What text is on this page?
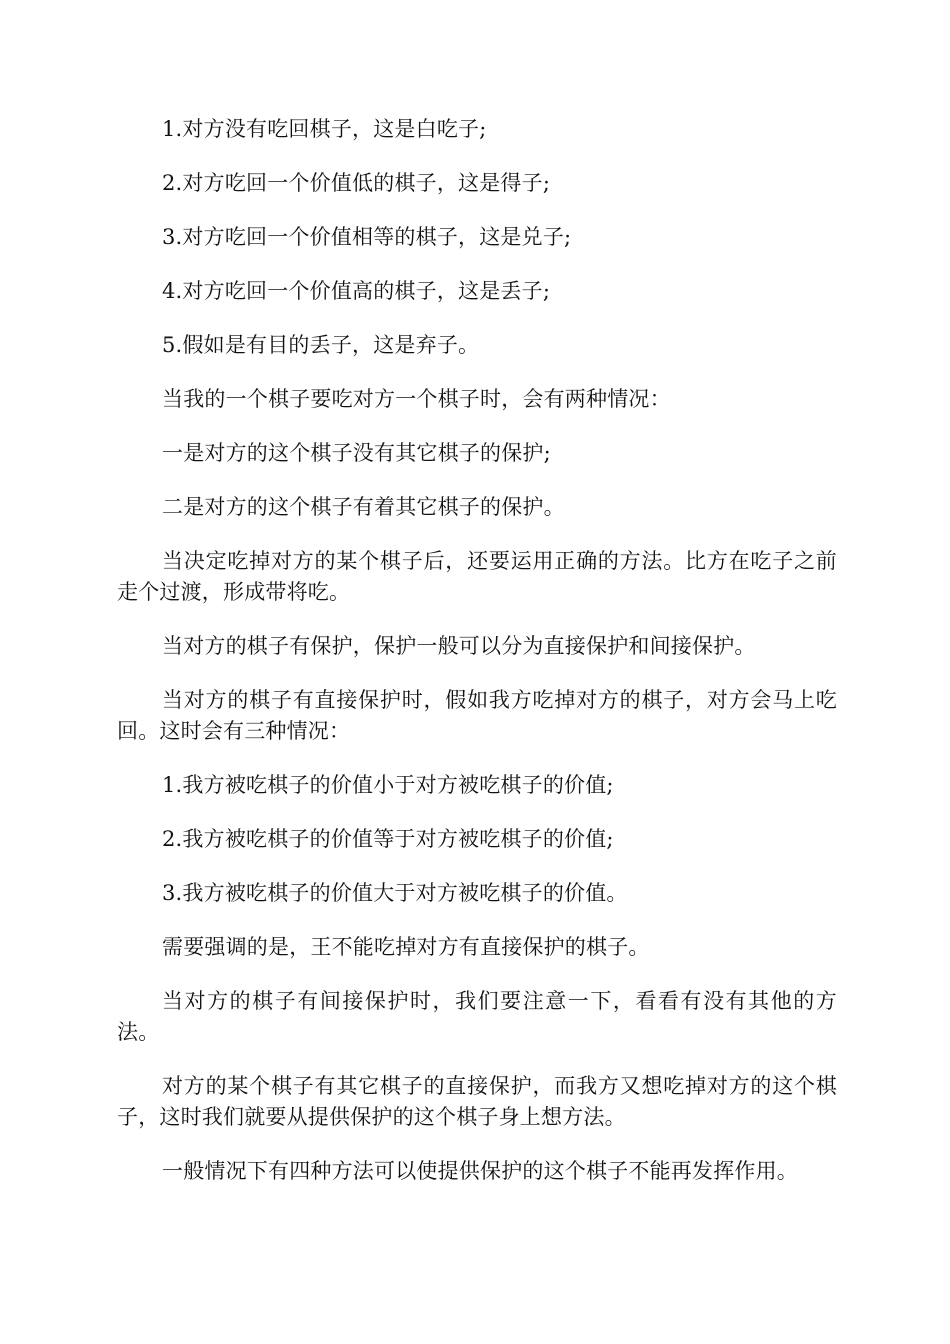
1.对方没有吃回棋子，这是白吃子;

2.对方吃回一个价值低的棋子，这是得子;

3.对方吃回一个价值相等的棋子，这是兑子;

4.对方吃回一个价值高的棋子，这是丢子;

5.假如是有目的丢子，这是弃子。

当我的一个棋子要吃对方一个棋子时，会有两种情况：

一是对方的这个棋子没有其它棋子的保护;

二是对方的这个棋子有着其它棋子的保护。

当决定吃掉对方的某个棋子后，还要运用正确的方法。比方在吃子之前走个过渡，形成带将吃。

当对方的棋子有保护，保护一般可以分为直接保护和间接保护。

当对方的棋子有直接保护时，假如我方吃掉对方的棋子，对方会马上吃回。这时会有三种情况：

1.我方被吃棋子的价值小于对方被吃棋子的价值;

2.我方被吃棋子的价值等于对方被吃棋子的价值;

3.我方被吃棋子的价值大于对方被吃棋子的价值。

需要强调的是，王不能吃掉对方有直接保护的棋子。

当对方的棋子有间接保护时，我们要注意一下，看看有没有其他的方法。

对方的某个棋子有其它棋子的直接保护，而我方又想吃掉对方的这个棋子，这时我们就要从提供保护的这个棋子身上想方法。

一般情况下有四种方法可以使提供保护的这个棋子不能再发挥作用。
